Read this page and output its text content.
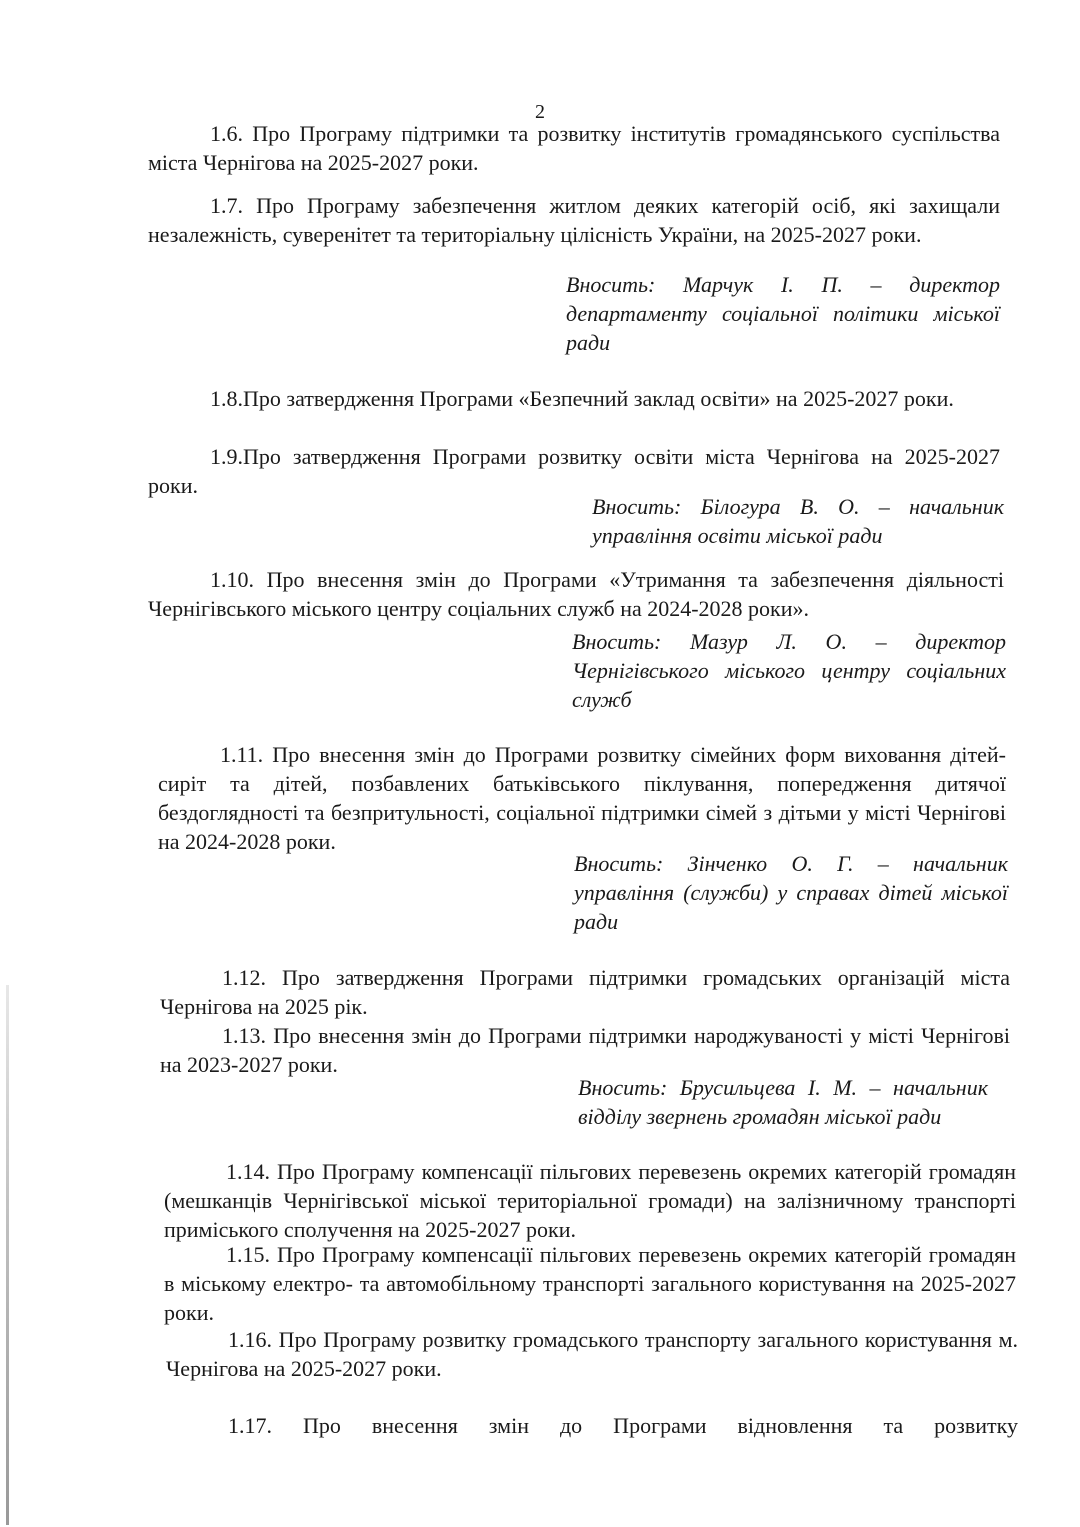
2

1.6. Про Програму підтримки та розвитку інститутів громадянського суспільства міста Чернігова на 2025-2027 роки.

1.7. Про Програму забезпечення житлом деяких категорій осіб, які захищали незалежність, суверенітет та територіальну цілісність України, на 2025-2027 роки.

Вносить: Марчук І. П. – директор департаменту соціальної політики міської ради

1.8.Про затвердження Програми «Безпечний заклад освіти» на 2025-2027 роки.

1.9.Про затвердження Програми розвитку освіти міста Чернігова на 2025-2027 роки.

Вносить: Білогура В. О. – начальник управління освіти міської ради

1.10. Про внесення змін до Програми «Утримання та забезпечення діяльності Чернігівського міського центру соціальних служб на 2024-2028 роки».

Вносить: Мазур Л. О. – директор Чернігівського міського центру соціальних служб

1.11. Про внесення змін до Програми розвитку сімейних форм виховання дітей-сиріт та дітей, позбавлених батьківського піклування, попередження дитячої бездоглядності та безпритульності, соціальної підтримки сімей з дітьми у місті Чернігові на 2024-2028 роки.

Вносить: Зінченко О. Г. – начальник управління (служби) у справах дітей міської ради

1.12. Про затвердження Програми підтримки громадських організацій міста Чернігова на 2025 рік.

1.13. Про внесення змін до Програми підтримки народжуваності у місті Чернігові на 2023-2027 роки.

Вносить: Брусильцева І. М. – начальник відділу звернень громадян міської ради

1.14. Про Програму компенсації пільгових перевезень окремих категорій громадян (мешканців Чернігівської міської територіальної громади) на залізничному транспорті приміського сполучення на 2025-2027 роки.

1.15. Про Програму компенсації пільгових перевезень окремих категорій громадян в міському електро- та автомобільному транспорті загального користування на 2025-2027 роки.

1.16. Про Програму розвитку громадського транспорту загального користування м. Чернігова на 2025-2027 роки.

1.17. Про внесення змін до Програми відновлення та розвитку
